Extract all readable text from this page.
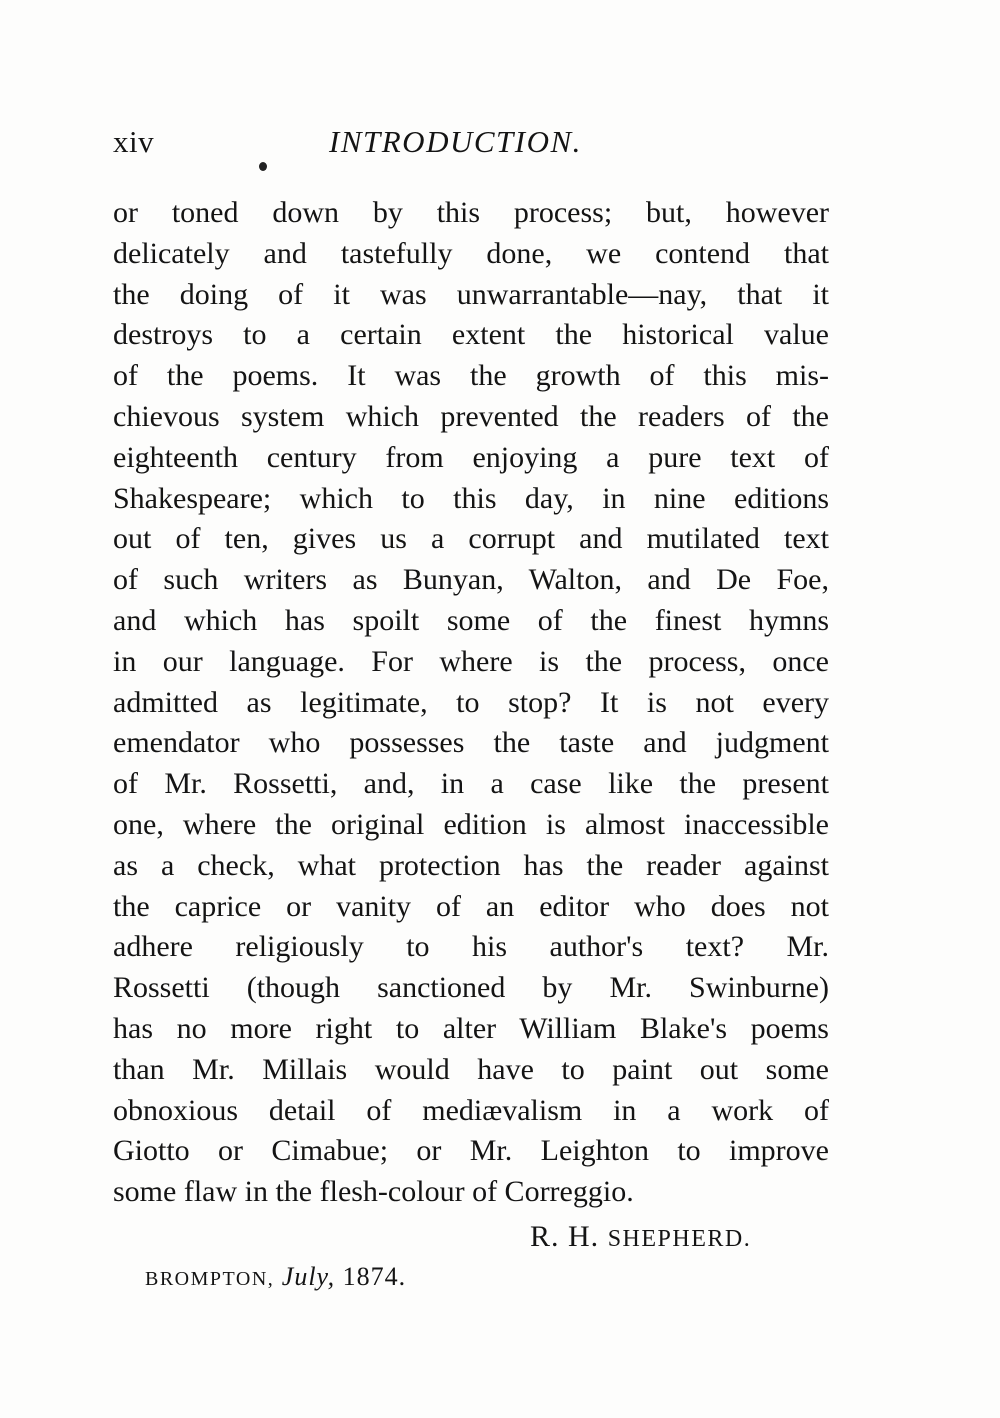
xiv	INTRODUCTION.
or toned down by this process; but, however
delicately and tastefully done, we contend that
the doing of it was unwarrantable—nay, that it
destroys to a certain extent the historical value
of the poems. It was the growth of this mis-
chievous system which prevented the readers of the
eighteenth century from enjoying a pure text of
Shakespeare; which to this day, in nine editions
out of ten, gives us a corrupt and mutilated text
of such writers as Bunyan, Walton, and De Foe,
and which has spoilt some of the finest hymns
in our language. For where is the process, once
admitted as legitimate, to stop? It is not every
emendator who possesses the taste and judgment
of Mr. Rossetti, and, in a case like the present
one, where the original edition is almost inaccessible
as a check, what protection has the reader against
the caprice or vanity of an editor who does not
adhere religiously to his author's text? Mr.
Rossetti (though sanctioned by Mr. Swinburne)
has no more right to alter William Blake's poems
than Mr. Millais would have to paint out some
obnoxious detail of mediævalism in a work of
Giotto or Cimabue; or Mr. Leighton to improve
some flaw in the flesh-colour of Correggio.
R. H. SHEPHERD.
BROMPTON, July, 1874.
